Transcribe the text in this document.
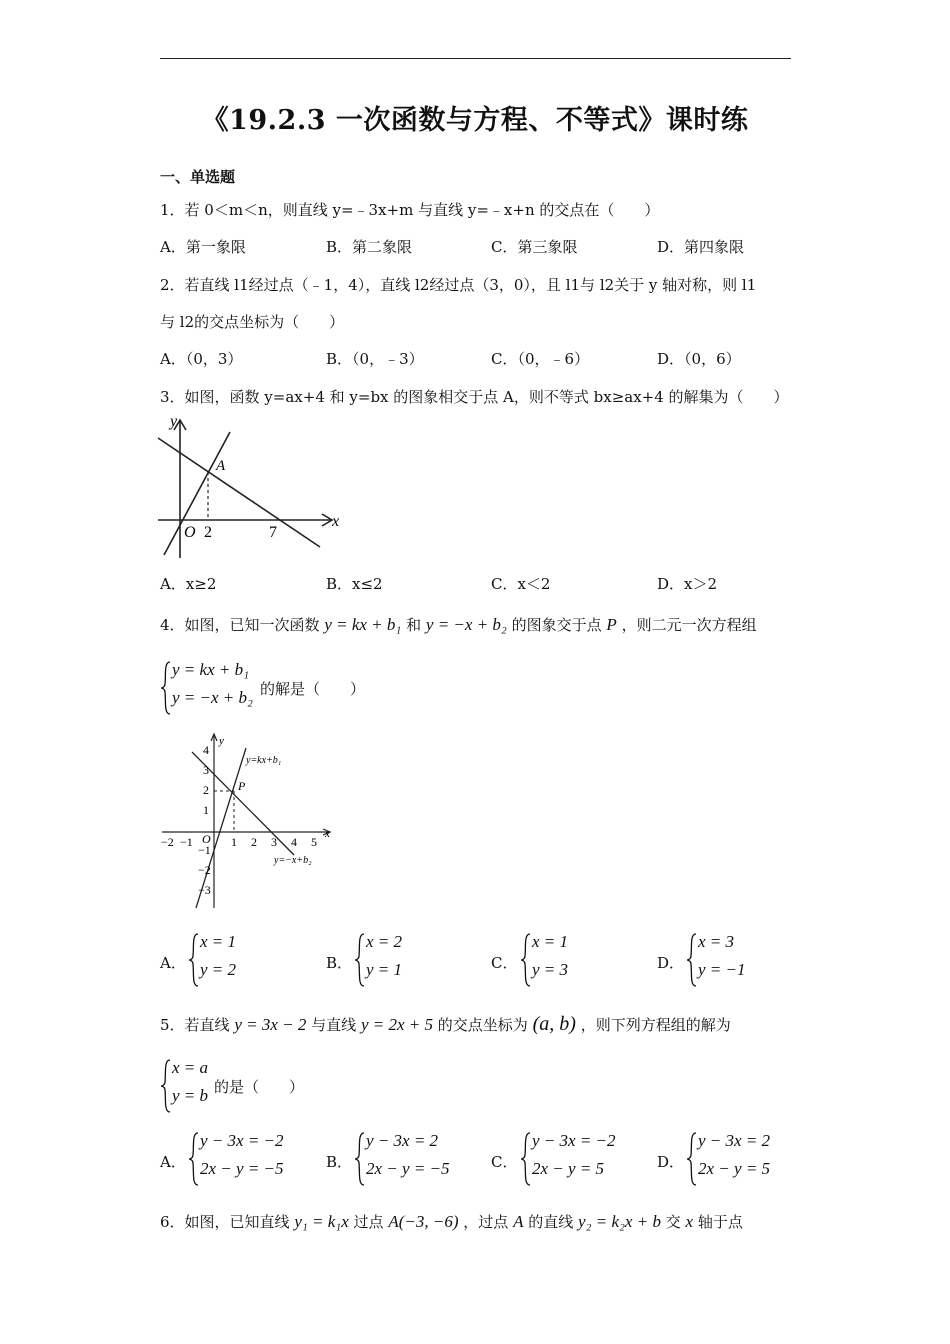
《19.2.3 一次函数与方程、不等式》课时练
一、单选题
1．若 0＜m＜n，则直线 y=﹣3x+m 与直线 y=﹣x+n 的交点在（　　）
A．第一象限	B．第二象限	C．第三象限	D．第四象限
2．若直线 l1经过点（﹣1，4），直线 l2经过点（3，0），且 l1与 l2关于 y 轴对称，则 l1
与 l2的交点坐标为（　　）
A．（0，3）	B．（0，﹣3）	C．（0，﹣6）	D．（0，6）
3．如图，函数 y=ax+4 和 y=bx 的图象相交于点 A，则不等式 bx≥ax+4 的解集为（　　）
y
x
O
A
2	7
A．x≥2	B．x≤2	C．x＜2	D．x＞2
4．如图，已知一次函数 y = kx + b₁ 和 y = −x + b₂ 的图象交于点 P ，则二元一次方程组
y = kx + b₁
y = −x + b₂ 的解是（　　）
y
x
y=kx+b₁
y=−x+b₂
P
−2 −1 O 1 2 3 4 5
4
3
2
1
−1
−2
−3
A．
x = 1
y = 2	B．
x = 2
y = 1	C．
x = 1
y = 3	D．
x = 3
y = −1
5．若直线 y = 3x − 2 与直线 y = 2x + 5 的交点坐标为 (a, b) ，则下列方程组的解为
x = a
y = b 的是（　　）
A．
y − 3x = −2
2x − y = −5	B．
y − 3x = 2
2x − y = −5	C．
y − 3x = −2
2x − y = 5	D．
y − 3x = 2
2x − y = 5
6．如图，已知直线 y₁ = k₁x 过点 A(−3, −6) ，过点 A 的直线 y₂ = k₂x + b 交 x 轴于点
